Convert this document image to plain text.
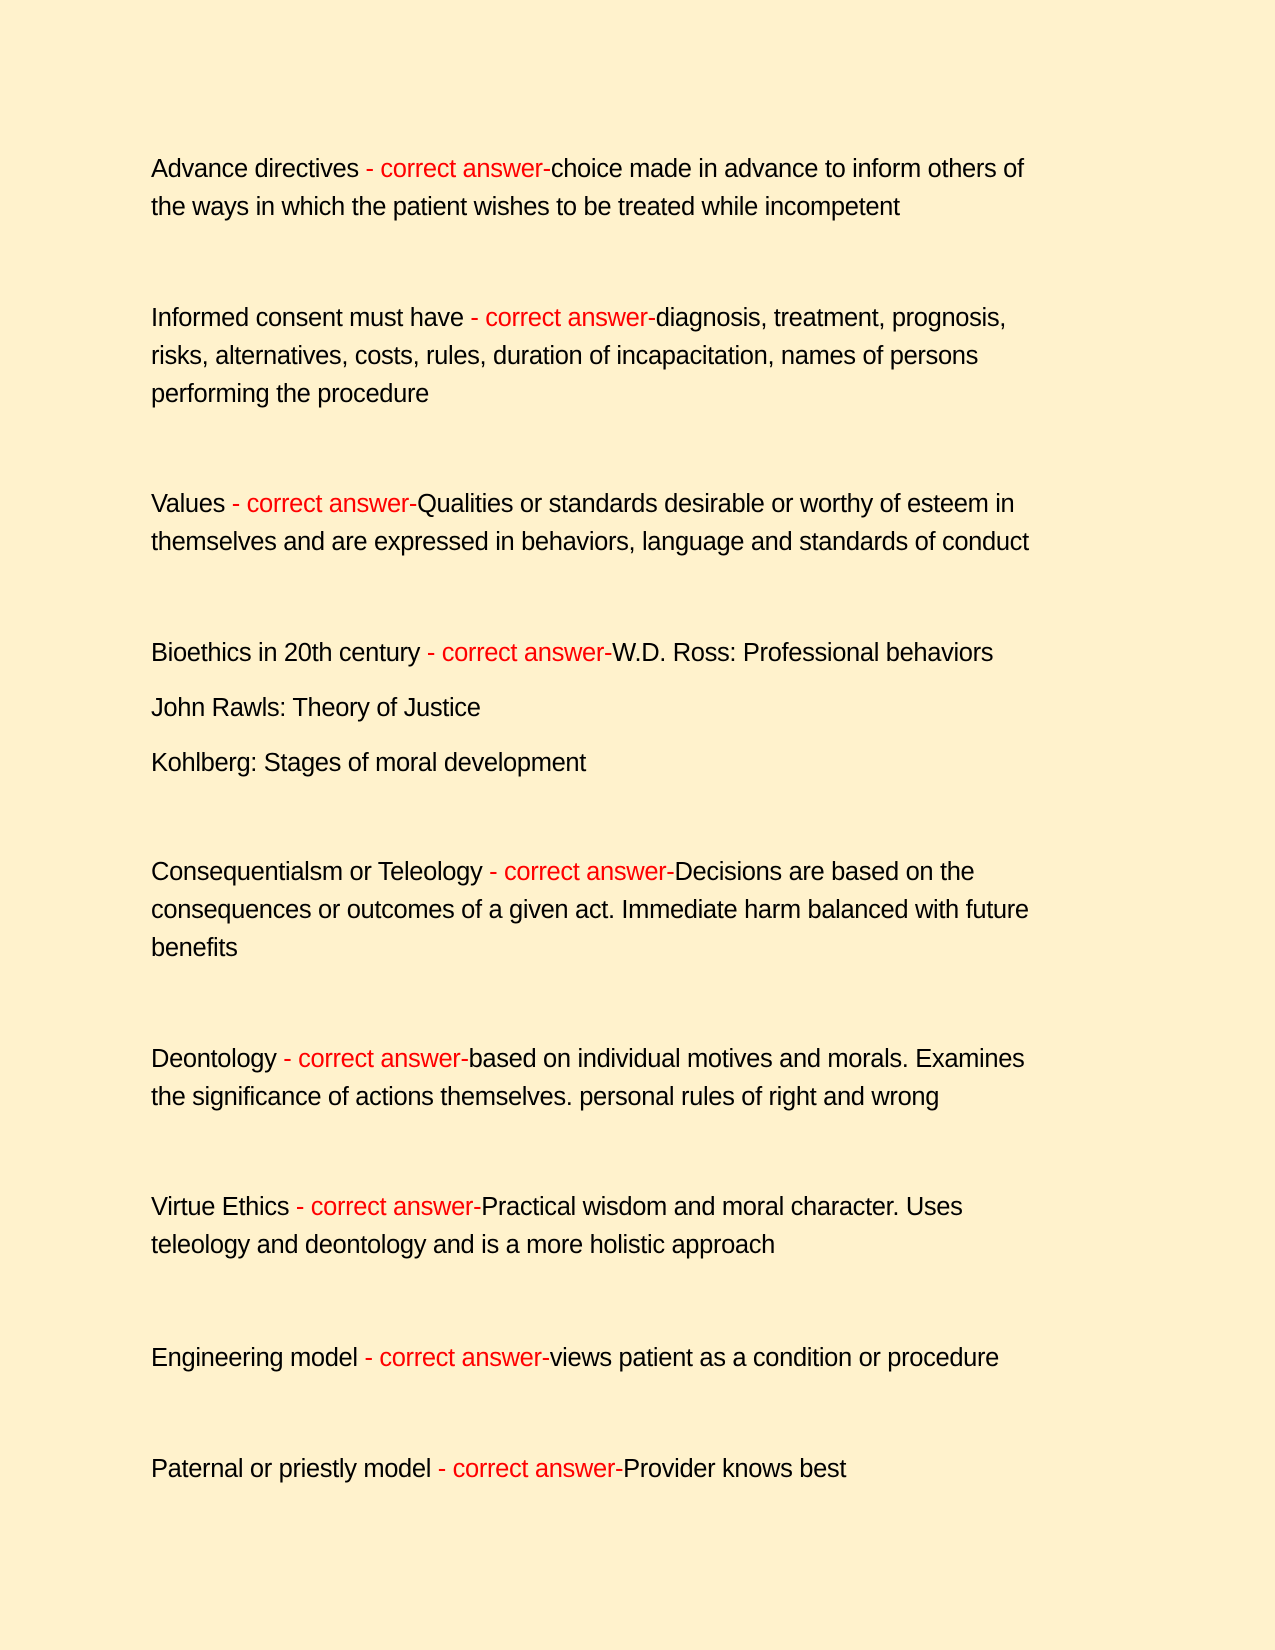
Advance directives - correct answer-choice made in advance to inform others of
the ways in which the patient wishes to be treated while incompetent
Informed consent must have - correct answer-diagnosis, treatment, prognosis,
risks, alternatives, costs, rules, duration of incapacitation, names of persons
performing the procedure
Values - correct answer-Qualities or standards desirable or worthy of esteem in
themselves and are expressed in behaviors, language and standards of conduct
Bioethics in 20th century - correct answer-W.D. Ross: Professional behaviors
John Rawls: Theory of Justice
Kohlberg: Stages of moral development
Consequentialsm or Teleology - correct answer-Decisions are based on the
consequences or outcomes of a given act. Immediate harm balanced with future
benefits
Deontology - correct answer-based on individual motives and morals. Examines
the significance of actions themselves. personal rules of right and wrong
Virtue Ethics - correct answer-Practical wisdom and moral character. Uses
teleology and deontology and is a more holistic approach
Engineering model - correct answer-views patient as a condition or procedure
Paternal or priestly model - correct answer-Provider knows best
